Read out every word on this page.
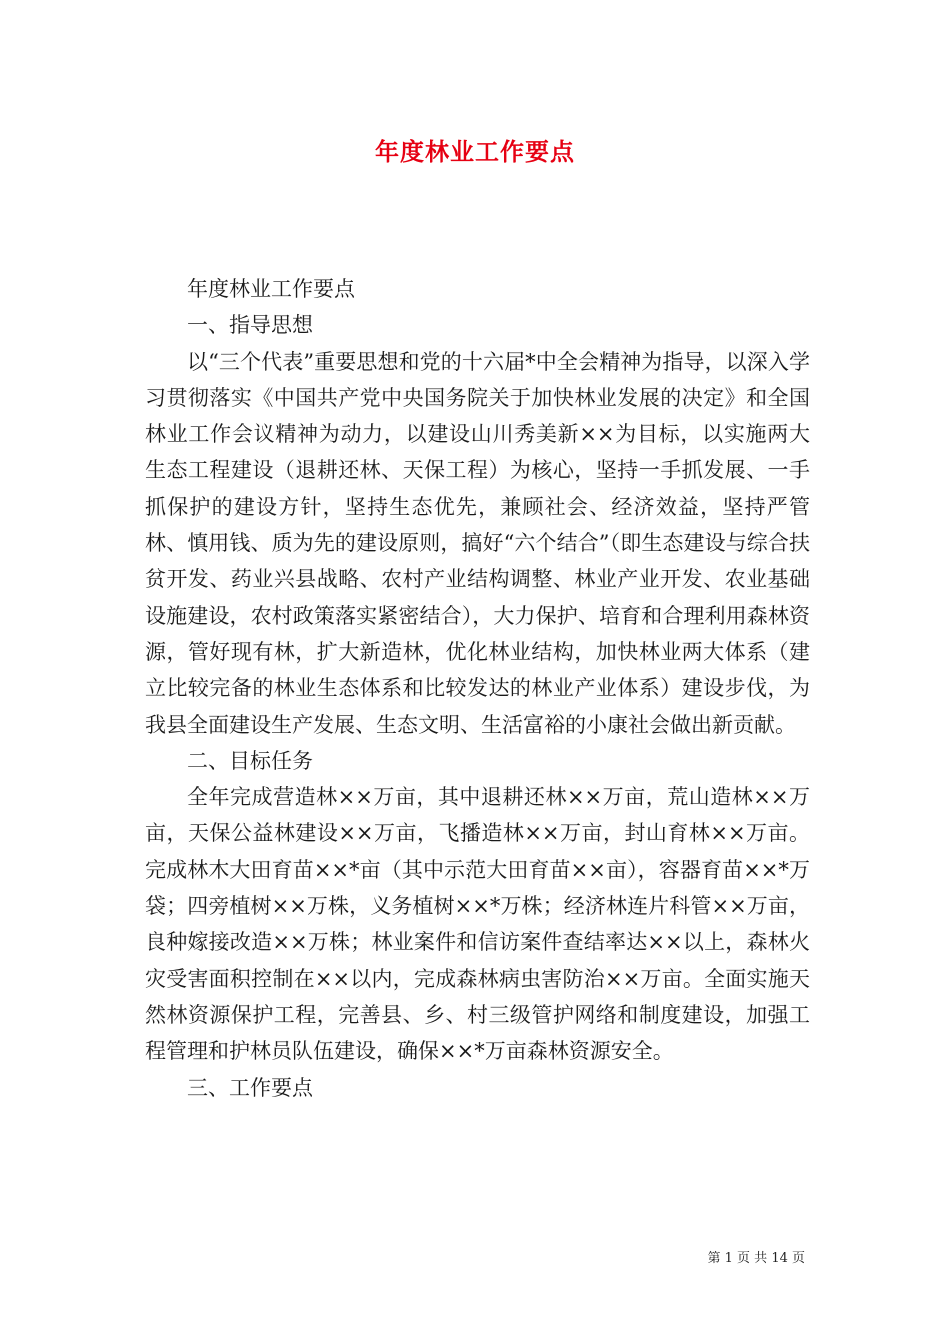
年度林业工作要点

年度林业工作要点

一、指导思想

以“三个代表”重要思想和党的十六届*中全会精神为指导，以深入学习贯彻落实《中国共产党中央国务院关于加快林业发展的决定》和全国林业工作会议精神为动力，以建设山川秀美新××为目标，以实施两大生态工程建设（退耕还林、天保工程）为核心，坚持一手抓发展、一手抓保护的建设方针，坚持生态优先，兼顾社会、经济效益，坚持严管林、慎用钱、质为先的建设原则，搞好“六个结合”（即生态建设与综合扶贫开发、药业兴县战略、农村产业结构调整、林业产业开发、农业基础设施建设，农村政策落实紧密结合），大力保护、培育和合理利用森林资源，管好现有林，扩大新造林，优化林业结构，加快林业两大体系（建立比较完备的林业生态体系和比较发达的林业产业体系）建设步伐，为我县全面建设生产发展、生态文明、生活富裕的小康社会做出新贡献。

二、目标任务

全年完成营造林××万亩，其中退耕还林××万亩，荒山造林××万亩，天保公益林建设××万亩，飞播造林××万亩，封山育林××万亩。完成林木大田育苗××*亩（其中示范大田育苗××亩），容器育苗××*万袋；四旁植树××万株，义务植树××*万株；经济林连片科管××万亩，良种嫁接改造××万株；林业案件和信访案件查结率达××以上，森林火灾受害面积控制在××以内，完成森林病虫害防治××万亩。全面实施天然林资源保护工程，完善县、乡、村三级管护网络和制度建设，加强工程管理和护林员队伍建设，确保××*万亩森林资源安全。

三、工作要点

第 1 页 共 14 页
